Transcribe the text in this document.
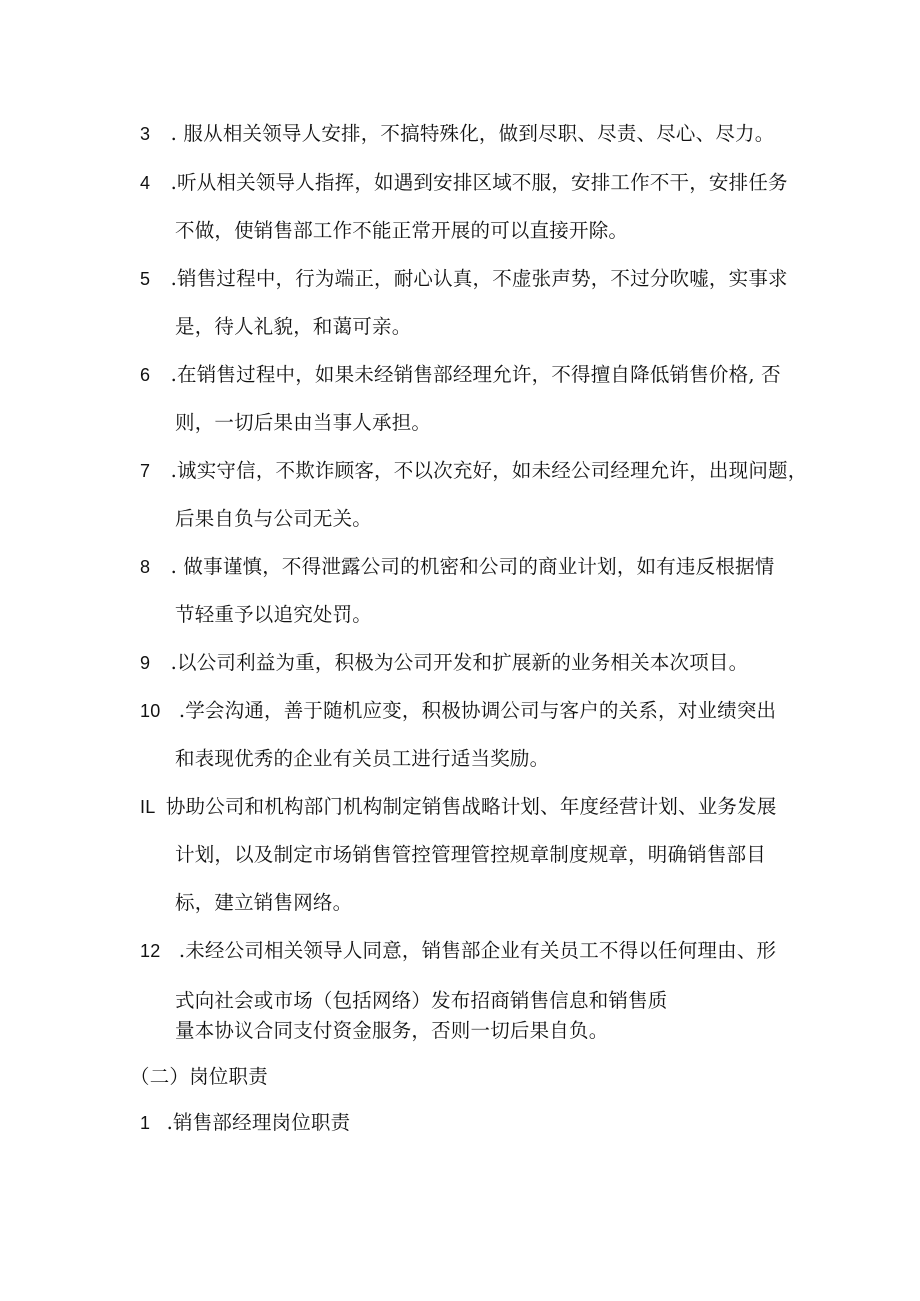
3 . 服从相关领导人安排，不搞特殊化，做到尽职、尽责、尽心、尽力。
4 .听从相关领导人指挥，如遇到安排区域不服，安排工作不干，安排任务
不做，使销售部工作不能正常开展的可以直接开除。
5 .销售过程中，行为端正，耐心认真，不虚张声势，不过分吹嘘，实事求
是，待人礼貌，和蔼可亲。
6 .在销售过程中，如果未经销售部经理允许，不得擅自降低销售价格, 否
则，一切后果由当事人承担。
7 .诚实守信，不欺诈顾客，不以次充好，如未经公司经理允许，出现问题，
后果自负与公司无关。
8 . 做事谨慎，不得泄露公司的机密和公司的商业计划，如有违反根据情
节轻重予以追究处罚。
9 .以公司利益为重，积极为公司开发和扩展新的业务相关本次项目。
10 .学会沟通，善于随机应变，积极协调公司与客户的关系，对业绩突出
和表现优秀的企业有关员工进行适当奖励。
IL 协助公司和机构部门机构制定销售战略计划、年度经营计划、业务发展
计划，以及制定市场销售管控管理管控规章制度规章，明确销售部目
标，建立销售网络。
12 .未经公司相关领导人同意，销售部企业有关员工不得以任何理由、形
式向社会或市场（包括网络）发布招商销售信息和销售质
量本协议合同支付资金服务，否则一切后果自负。
（二）岗位职责
1 .销售部经理岗位职责
